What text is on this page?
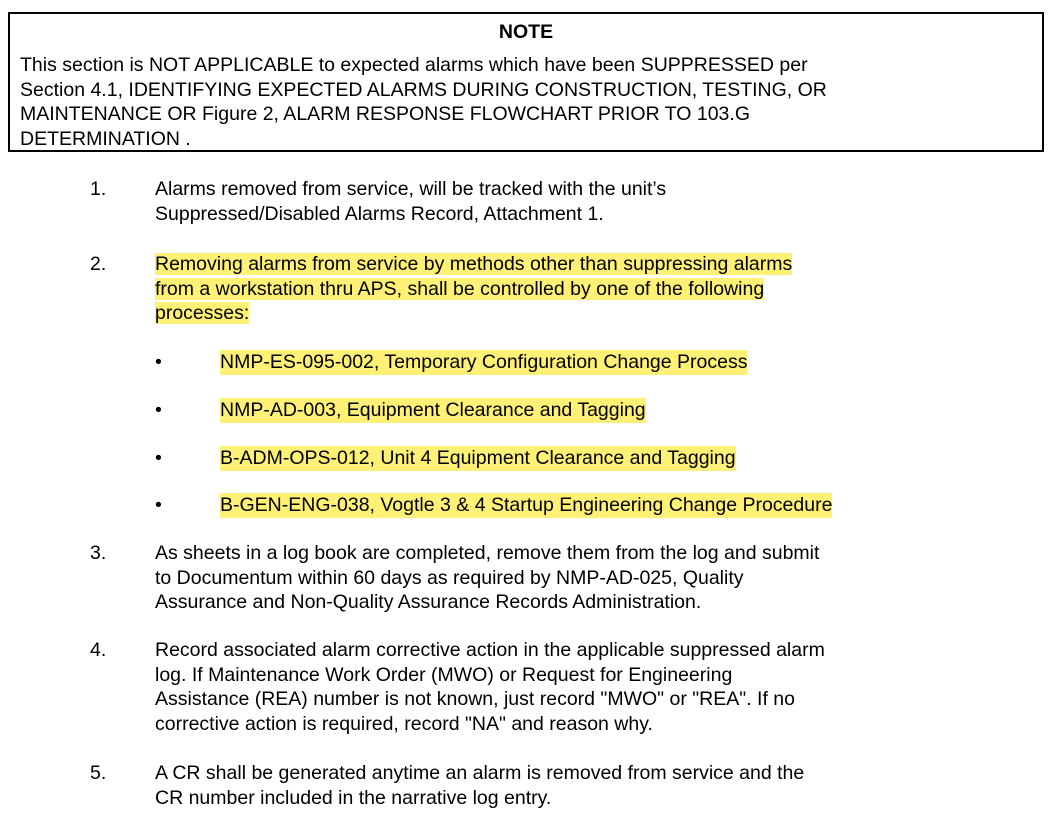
NOTE
This section is NOT APPLICABLE to expected alarms which have been SUPPRESSED per
Section 4.1, IDENTIFYING EXPECTED ALARMS DURING CONSTRUCTION, TESTING, OR
MAINTENANCE OR Figure 2, ALARM RESPONSE FLOWCHART PRIOR TO 103.G
DETERMINATION .
1. Alarms removed from service, will be tracked with the unit’s
Suppressed/Disabled Alarms Record, Attachment 1.
2. Removing alarms from service by methods other than suppressing alarms
from a workstation thru APS, shall be controlled by one of the following
processes:
•	NMP-ES-095-002, Temporary Configuration Change Process
•	NMP-AD-003, Equipment Clearance and Tagging
•	B-ADM-OPS-012, Unit 4 Equipment Clearance and Tagging
•	B-GEN-ENG-038, Vogtle 3 & 4 Startup Engineering Change Procedure
3. As sheets in a log book are completed, remove them from the log and submit
to Documentum within 60 days as required by NMP-AD-025, Quality
Assurance and Non-Quality Assurance Records Administration.
4. Record associated alarm corrective action in the applicable suppressed alarm
log. If Maintenance Work Order (MWO) or Request for Engineering
Assistance (REA) number is not known, just record "MWO" or "REA". If no
corrective action is required, record "NA" and reason why.
5. A CR shall be generated anytime an alarm is removed from service and the
CR number included in the narrative log entry.
